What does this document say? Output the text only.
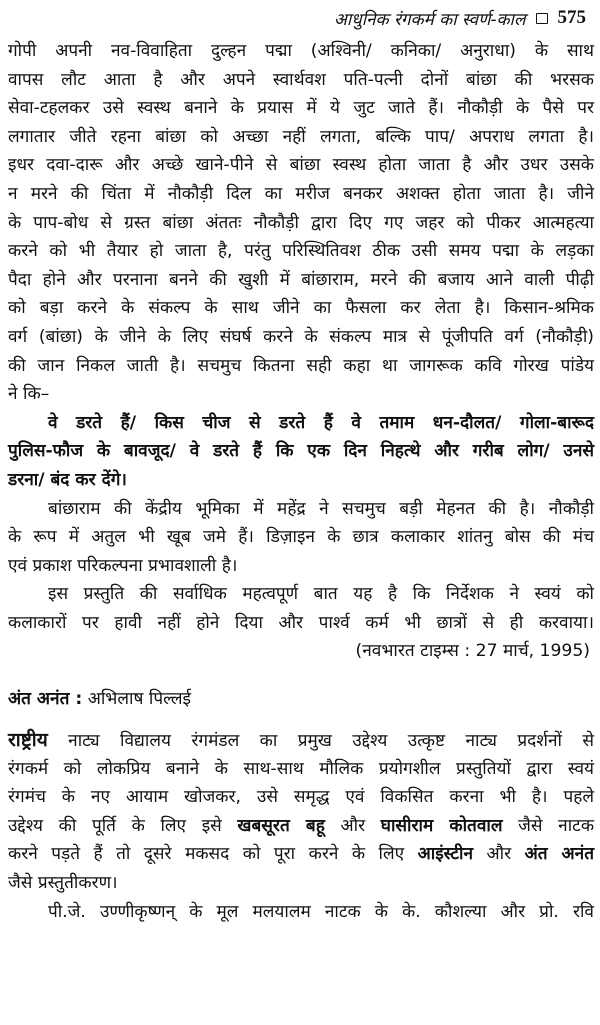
आधुनिक रंगकर्म का स्वर्ण-काल 575
गोपी अपनी नव-विवाहिता दुल्हन पद्मा (अश्विनी/ कनिका/ अनुराधा) के साथ
वापस लौट आता है और अपने स्वार्थवश पति-पत्नी दोनों बांछा की भरसक
सेवा-टहलकर उसे स्वस्थ बनाने के प्रयास में ये जुट जाते हैं। नौकौड़ी के पैसे पर
लगातार जीते रहना बांछा को अच्छा नहीं लगता, बल्कि पाप/ अपराध लगता है।
इधर दवा-दारू और अच्छे खाने-पीने से बांछा स्वस्थ होता जाता है और उधर उसके
न मरने की चिंता में नौकौड़ी दिल का मरीज बनकर अशक्त होता जाता है। जीने
के पाप-बोध से ग्रस्त बांछा अंततः नौकौड़ी द्वारा दिए गए जहर को पीकर आत्महत्या
करने को भी तैयार हो जाता है, परंतु परिस्थितिवश ठीक उसी समय पद्मा के लड़का
पैदा होने और परनाना बनने की खुशी में बांछाराम, मरने की बजाय आने वाली पीढ़ी
को बड़ा करने के संकल्प के साथ जीने का फैसला कर लेता है। किसान-श्रमिक
वर्ग (बांछा) के जीने के लिए संघर्ष करने के संकल्प मात्र से पूंजीपति वर्ग (नौकौड़ी)
की जान निकल जाती है। सचमुच कितना सही कहा था जागरूक कवि गोरख पांडेय
ने कि–
वे डरते हैं/ किस चीज से डरते हैं वे तमाम धन-दौलत/ गोला-बारूद
पुलिस-फौज के बावजूद/ वे डरते हैं कि एक दिन निहत्थे और गरीब लोग/ उनसे
डरना/ बंद कर देंगे।
बांछाराम की केंद्रीय भूमिका में महेंद्र ने सचमुच बड़ी मेहनत की है। नौकौड़ी
के रूप में अतुल भी खूब जमे हैं। डिज़ाइन के छात्र कलाकार शांतनु बोस की मंच
एवं प्रकाश परिकल्पना प्रभावशाली है।
इस प्रस्तुति की सर्वाधिक महत्वपूर्ण बात यह है कि निर्देशक ने स्वयं को
कलाकारों पर हावी नहीं होने दिया और पार्श्व कर्म भी छात्रों से ही करवाया।
(नवभारत टाइम्स : 27 मार्च, 1995)
अंत अनंत : अभिलाष पिल्लई
राष्ट्रीय नाट्य विद्यालय रंगमंडल का प्रमुख उद्देश्य उत्कृष्ट नाट्य प्रदर्शनों से
रंगकर्म को लोकप्रिय बनाने के साथ-साथ मौलिक प्रयोगशील प्रस्तुतियों द्वारा स्वयं
रंगमंच के नए आयाम खोजकर, उसे समृद्ध एवं विकसित करना भी है। पहले
उद्देश्य की पूर्ति के लिए इसे खबसूरत बहू और घासीराम कोतवाल जैसे नाटक
करने पड़ते हैं तो दूसरे मकसद को पूरा करने के लिए आइंस्टीन और अंत अनंत
जैसे प्रस्तुतीकरण।
पी.जे. उण्णीकृष्णन् के मूल मलयालम नाटक के के. कौशल्या और प्रो. रवि
